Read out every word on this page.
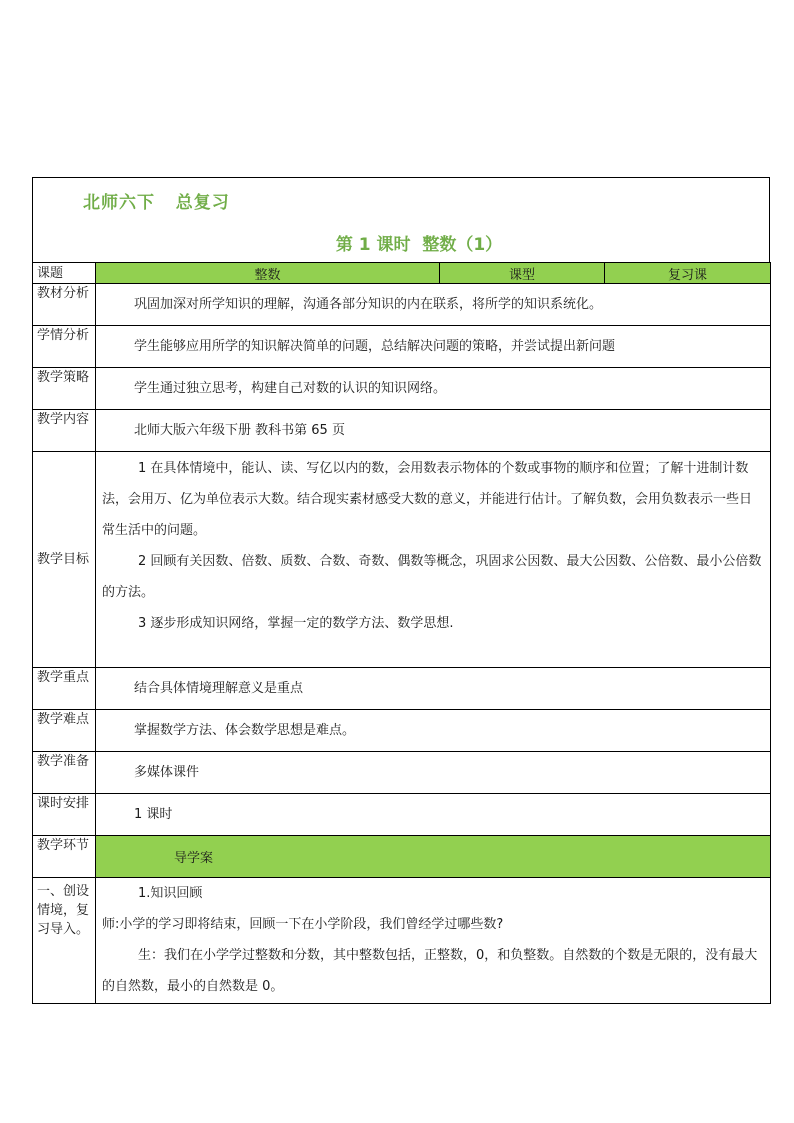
北师六下   总复习
第 1 课时  整数（1）
课题	整数	课型	复习课
教材分析	巩固加深对所学知识的理解，沟通各部分知识的内在联系，将所学的知识系统化。		
学情分析	学生能够应用所学的知识解决简单的问题，总结解决问题的策略，并尝试提出新问题		
教学策略	学生通过独立思考，构建自己对数的认识的知识网络。		
教学内容	北师大版六年级下册 教科书第 65 页		
教学目标	1 在具体情境中，能认、读、写亿以内的数，会用数表示物体的个数或事物的顺序和位置；了解十进制计数法，会用万、亿为单位表示大数。结合现实素材感受大数的意义，并能进行估计。了解负数，会用负数表示一些日常生活中的问题。
2 回顾有关因数、倍数、质数、合数、奇数、偶数等概念，巩固求公因数、最大公因数、公倍数、最小公倍数的方法。
3 逐步形成知识网络，掌握一定的数学方法、数学思想.		

教学重点	结合具体情境理解意义是重点		
教学难点	掌握数学方法、体会数学思想是难点。		
教学准备	多媒体课件		
课时安排	1 课时		
教学环节	导学案		
一、创设情境，复习导入。	1.知识回顾
师:小学的学习即将结束，回顾一下在小学阶段，我们曾经学过哪些数?
生：我们在小学学过整数和分数，其中整数包括，正整数，0，和负整数。自然数的个数是无限的，没有最大的自然数，最小的自然数是 0。		
